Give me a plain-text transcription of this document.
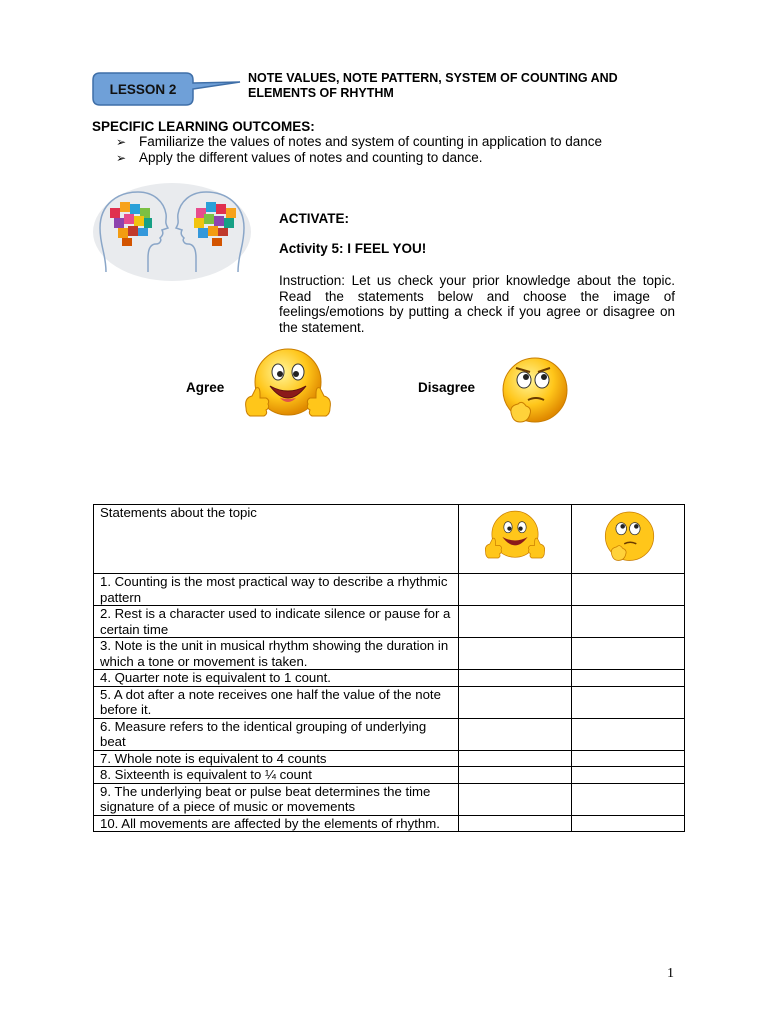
LESSON 2
NOTE VALUES, NOTE PATTERN, SYSTEM OF COUNTING AND
ELEMENTS OF RHYTHM
SPECIFIC LEARNING OUTCOMES:
➢ Familiarize the values of notes and system of counting in application to dance
➢ Apply the different values of notes and counting to dance.
ACTIVATE:
Activity 5: I FEEL YOU!
Instruction: Let us check your prior knowledge about the topic. Read the statements below and choose the image of feelings/emotions by putting a check if you agree or disagree on the statement.
Agree	Disagree
Statements about the topic		
1. Counting is the most practical way to describe a rhythmic pattern		
2. Rest is a character used to indicate silence or pause for a certain time		
3. Note is the unit in musical rhythm showing the duration in which a tone or movement is taken.		
4. Quarter note is equivalent to 1 count.		
5. A dot after a note receives one half the value of the note before it.		
6. Measure refers to the identical grouping of underlying beat		
7. Whole note is equivalent to 4 counts		
8. Sixteenth is equivalent to ¼ count		
9. The underlying beat or pulse beat determines the time signature of a piece of music or movements		
10. All movements are affected by the elements of rhythm.		
1
